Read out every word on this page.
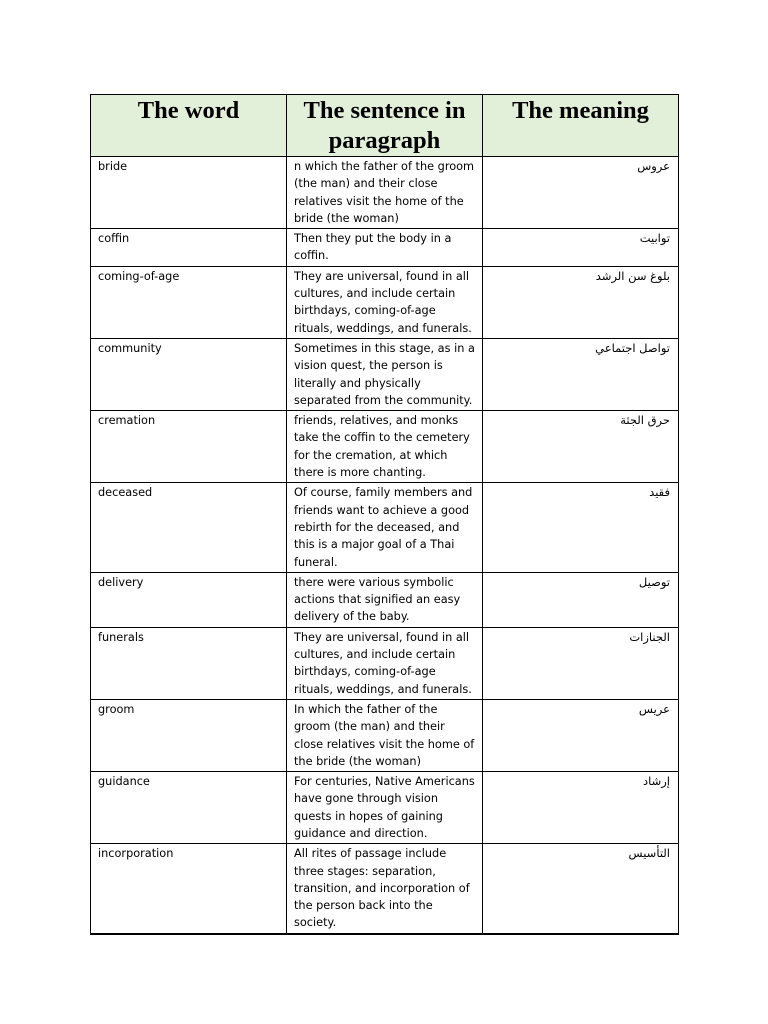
The word	The sentence in paragraph	The meaning
bride	n which the father of the groom (the man) and their close relatives visit the home of the bride (the woman)	عروس
coffin	Then they put the body in a coffin.	توابيت
coming-of-age	They are universal, found in all cultures, and include certain birthdays, coming-of-age rituals, weddings, and funerals.	بلوغ سن الرشد
community	Sometimes in this stage, as in a vision quest, the person is literally and physically separated from the community.	تواصل اجتماعي
cremation	friends, relatives, and monks take the coffin to the cemetery for the cremation, at which there is more chanting.	حرق الجثة
deceased	Of course, family members and friends want to achieve a good rebirth for the deceased, and this is a major goal of a Thai funeral.	فقيد
delivery	there were various symbolic actions that signified an easy delivery of the baby.	توصيل
funerals	They are universal, found in all cultures, and include certain birthdays, coming-of-age rituals, weddings, and funerals.	الجنازات
groom	In which the father of the groom (the man) and their close relatives visit the home of the bride (the woman)	عريس
guidance	For centuries, Native Americans have gone through vision quests in hopes of gaining guidance and direction.	إرشاد
incorporation	All rites of passage include three stages: separation, transition, and incorporation of the person back into the society.	التأسيس
